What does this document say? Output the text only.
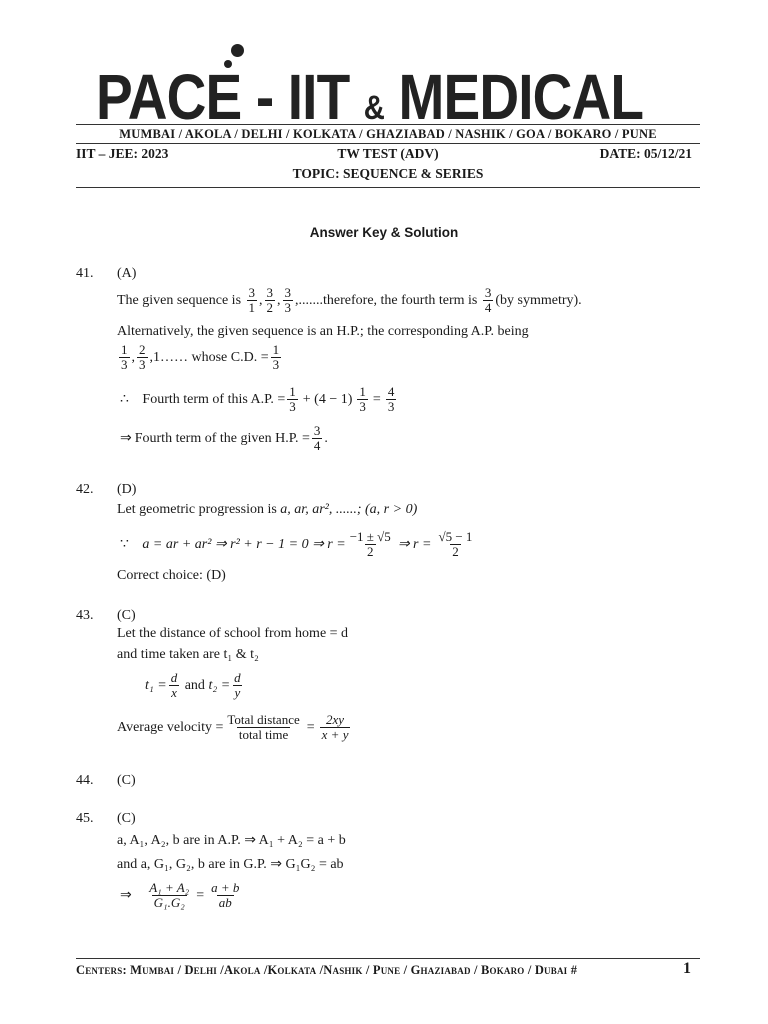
PACE - IIT & MEDICAL
MUMBAI / AKOLA / DELHI / KOLKATA / GHAZIABAD / NASHIK / GOA / BOKARO / PUNE
IIT – JEE: 2023	TW TEST (ADV)	DATE: 05/12/21
TOPIC: SEQUENCE & SERIES
Answer Key & Solution
41. (A)
The given sequence is
$\frac{3}{1}$ , $\frac{3}{2}$ , $\frac{3}{3}$ ,.......therefore, the fourth term is
$\frac{3}{4} (by$ symmetry).
Alternatively, the given sequence is an H.P.; the corresponding A.P. being
$\frac{1}{3}$ , $\frac{2}{3}$ ,1…… whose C.D. = $\frac{1}{3}$
∴
Fourth term of this A.P. = $\frac{1}{3} + (4 - 1) \frac{1}{3} = \frac{4}{3}$
⇒ Fourth term of the given H.P. = $\frac{3}{4}$ .
42. (D)
Let geometric progression is
a, ar, ar², ......;
(a, r > 0)
∵
a = ar + ar² ⇒ r² + r − 1 = 0 ⇒ $r = \frac{-1 \pm √5}{2}$ ⇒ $r = \frac{√5 - 1}{2}$
Correct choice: (D)
43. (C)
Let the distance of school from home = d
and time taken are t₁ & t₂
$t_1 = \frac{d}{x}$ and $t_2 = \frac{d}{y}$
Average velocity = $\frac{\text{Total distance}}{\text{total time}} = \frac{2xy}{x + y}$
44. (C)
45. (C)
a, A₁, A₂, b are in A.P. ⇒ A₁ + A₂ = a + b
and a, G₁, G₂, b are in G.P. ⇒ G₁G₂ = ab
⇒
$\frac{\text{A₁ + A₂}}{\text{G₁.G₂}} = \frac{a + b}{ab}$
Centers: Mumbai / Delhi /Akola /Kolkata /Nashik / Pune / Ghaziabad / Bokaro / Dubai #	1
